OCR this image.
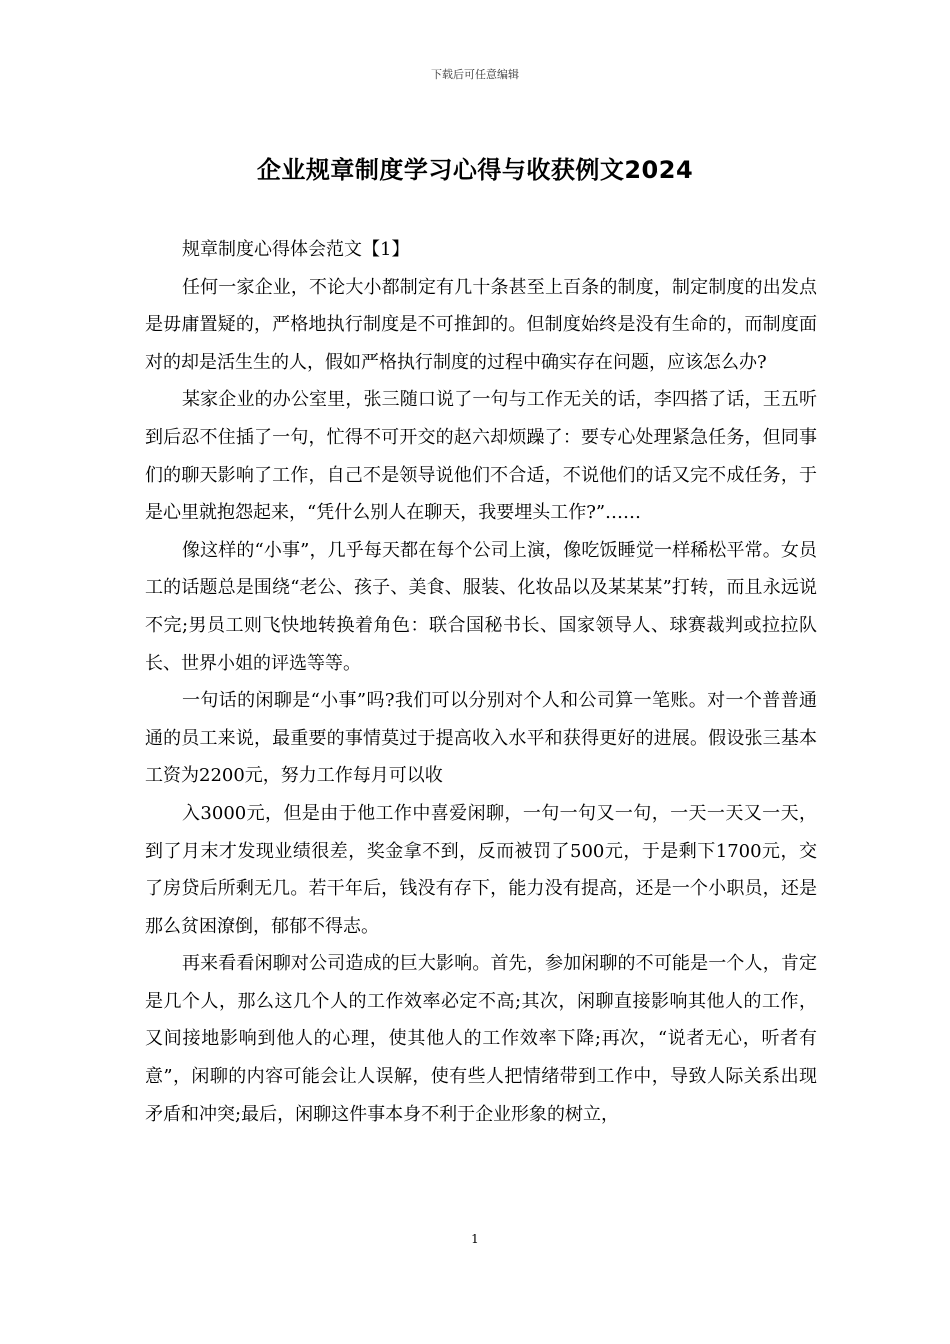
下载后可任意编辑
企业规章制度学习心得与收获例文2024

规章制度心得体会范文【1】

任何一家企业，不论大小都制定有几十条甚至上百条的制度，制定制度的出发点是毋庸置疑的，严格地执行制度是不可推卸的。但制度始终是没有生命的，而制度面对的却是活生生的人，假如严格执行制度的过程中确实存在问题，应该怎么办?

某家企业的办公室里，张三随口说了一句与工作无关的话，李四搭了话，王五听到后忍不住插了一句，忙得不可开交的赵六却烦躁了：要专心处理紧急任务，但同事们的聊天影响了工作，自己不是领导说他们不合适，不说他们的话又完不成任务，于是心里就抱怨起来，“凭什么别人在聊天，我要埋头工作?”……

像这样的“小事”，几乎每天都在每个公司上演，像吃饭睡觉一样稀松平常。女员工的话题总是围绕“老公、孩子、美食、服装、化妆品以及某某某”打转，而且永远说不完;男员工则飞快地转换着角色：联合国秘书长、国家领导人、球赛裁判或拉拉队长、世界小姐的评选等等。

一句话的闲聊是“小事”吗?我们可以分别对个人和公司算一笔账。对一个普普通通的员工来说，最重要的事情莫过于提高收入水平和获得更好的进展。假设张三基本工资为2200元，努力工作每月可以收

入3000元，但是由于他工作中喜爱闲聊，一句一句又一句，一天一天又一天，到了月末才发现业绩很差，奖金拿不到，反而被罚了500元，于是剩下1700元，交了房贷后所剩无几。若干年后，钱没有存下，能力没有提高，还是一个小职员，还是那么贫困潦倒，郁郁不得志。

再来看看闲聊对公司造成的巨大影响。首先，参加闲聊的不可能是一个人，肯定是几个人，那么这几个人的工作效率必定不高;其次，闲聊直接影响其他人的工作，又间接地影响到他人的心理，使其他人的工作效率下降;再次，“说者无心，听者有意”，闲聊的内容可能会让人误解，使有些人把情绪带到工作中，导致人际关系出现矛盾和冲突;最后，闲聊这件事本身不利于企业形象的树立，

1
